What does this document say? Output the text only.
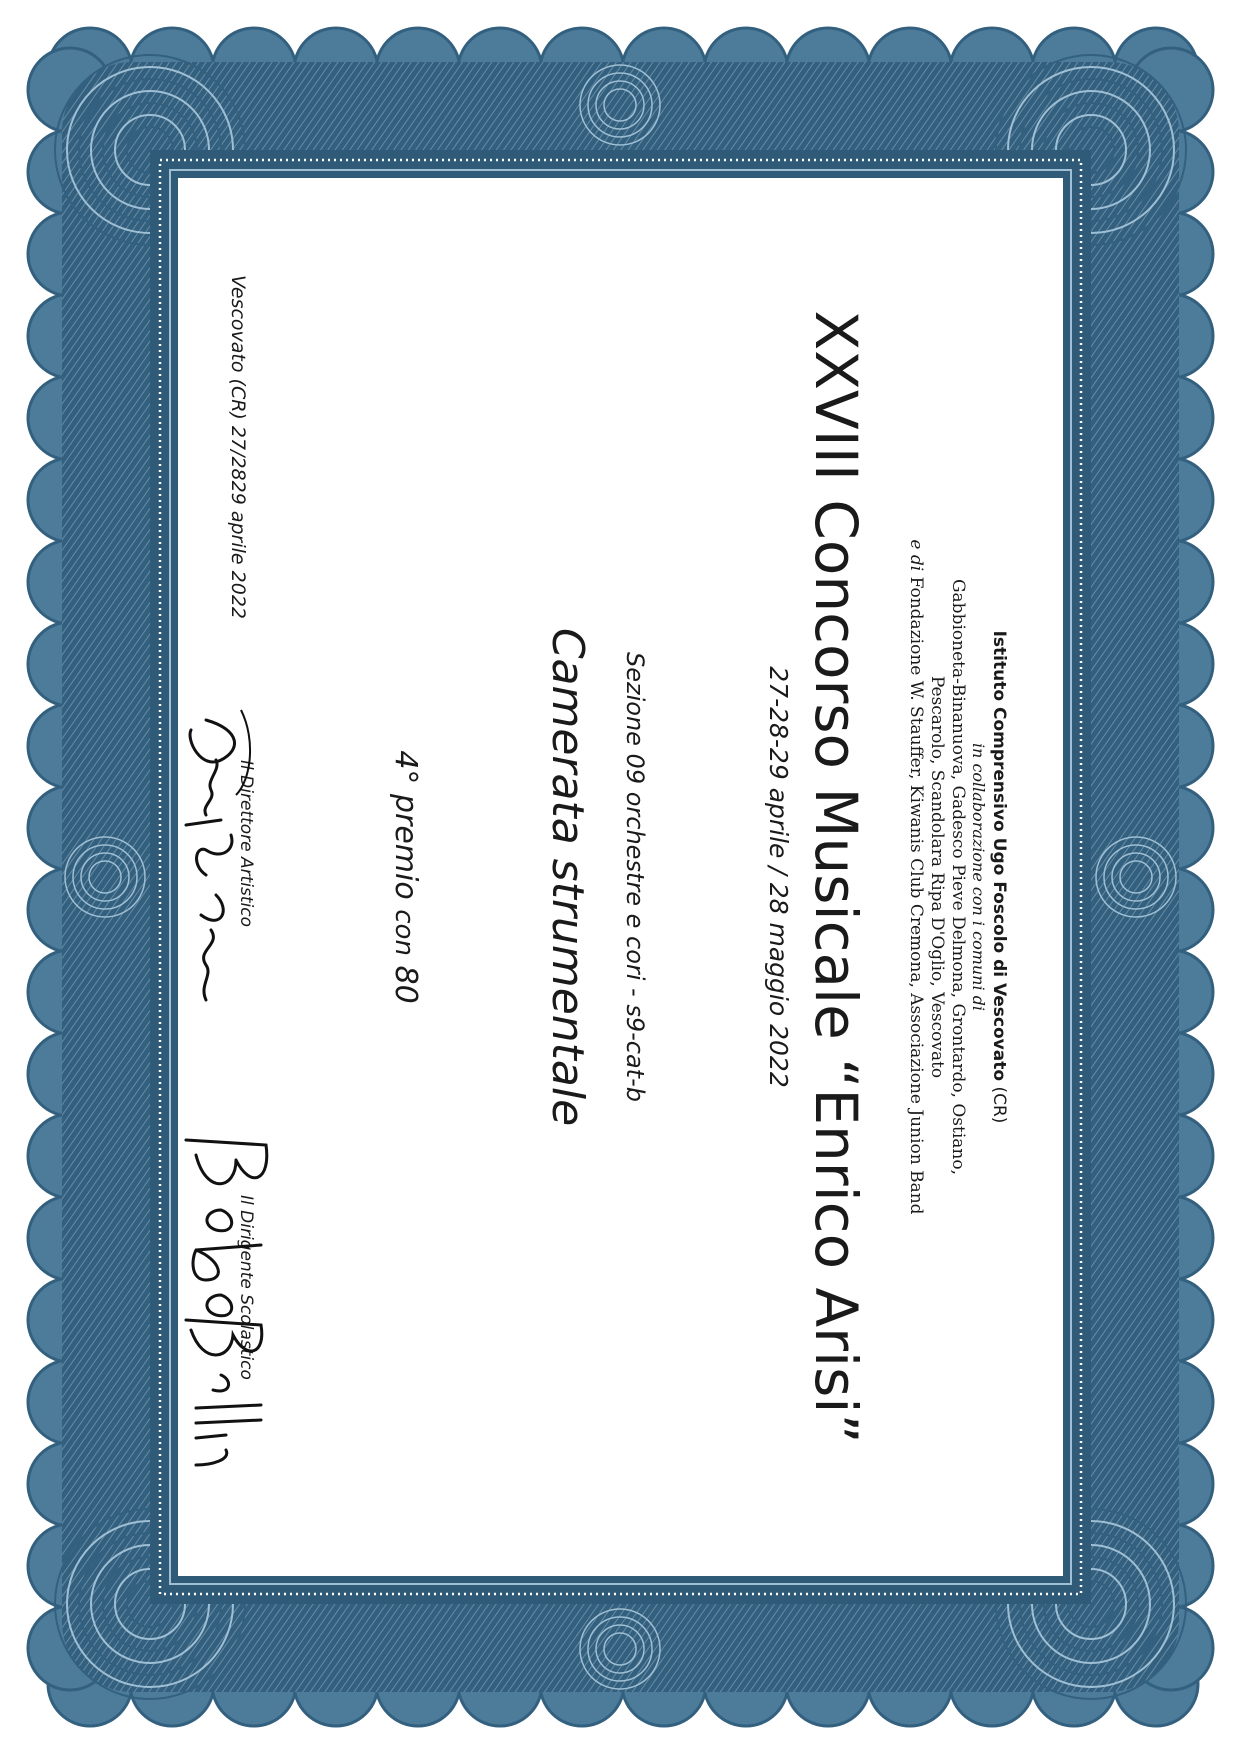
Istituto Comprensivo Ugo Foscolo di Vescovato (CR)
in collaborazione con i comuni di
Gabbioneta-Binanuova, Gadesco Pieve Delmona, Grontardo, Ostiano,
Pescarolo, Scandolara Ripa D'Oglio, Vescovato
e di Fondazione W. Stauffer, Kiwanis Club Cremona, Associazione Junion Band
XXVIII Concorso Musicale “Enrico Arisi”
27-28-29 aprile / 28 maggio 2022
Sezione 09 orchestre e cori - s9-cat-b
Camerata strumentale
4° premio con 80
Vescovato (CR) 27/2829 aprile 2022
Il Direttore Artistico
Il Dirigente Scolastico
